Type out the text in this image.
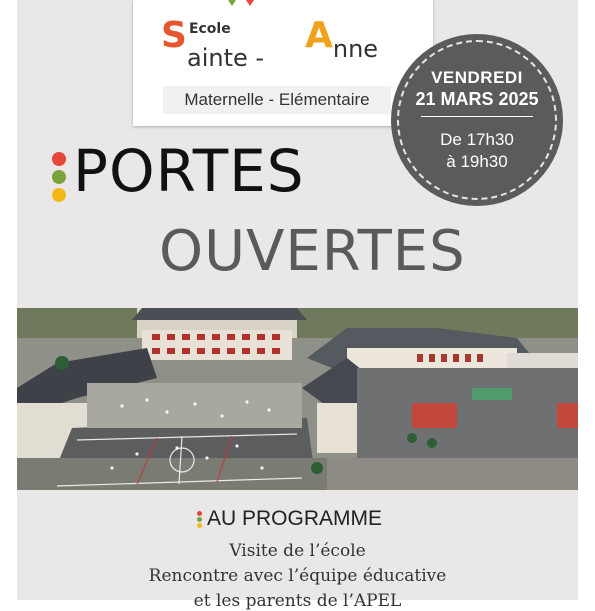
S Ecole
ainte -
Anne
Maternelle - Elémentaire
VENDREDI
21 MARS 2025
De 17h30
à 19h30
PORTES
OUVERTES
AU PROGRAMME
Visite de l’école
Rencontre avec l’équipe éducative
et les parents de l’APEL
